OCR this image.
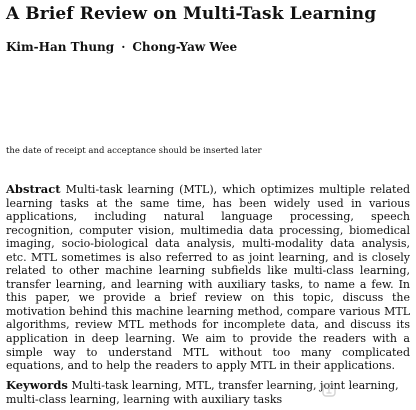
A Brief Review on Multi-Task Learning
Kim-Han Thung · Chong-Yaw Wee
the date of receipt and acceptance should be inserted later

Abstract Multi-task learning (MTL), which optimizes multiple related learning tasks at the same time, has been widely used in various applications, including natural language processing, speech recognition, computer vision, multimedia data processing, biomedical imaging, socio-biological data analysis, multi-modality data analysis, etc. MTL sometimes is also referred to as joint learning, and is closely related to other machine learning subfields like multi-class learning, transfer learning, and learning with auxiliary tasks, to name a few. In this paper, we provide a brief review on this topic, discuss the motivation behind this machine learning method, compare various MTL algorithms, review MTL methods for incomplete data, and discuss its application in deep learning. We aim to provide the readers with a simple way to understand MTL without too many complicated equations, and to help the readers to apply MTL in their applications.

Keywords Multi-task learning, MTL, transfer learning, joint learning, multi-class learning, learning with auxiliary tasks
